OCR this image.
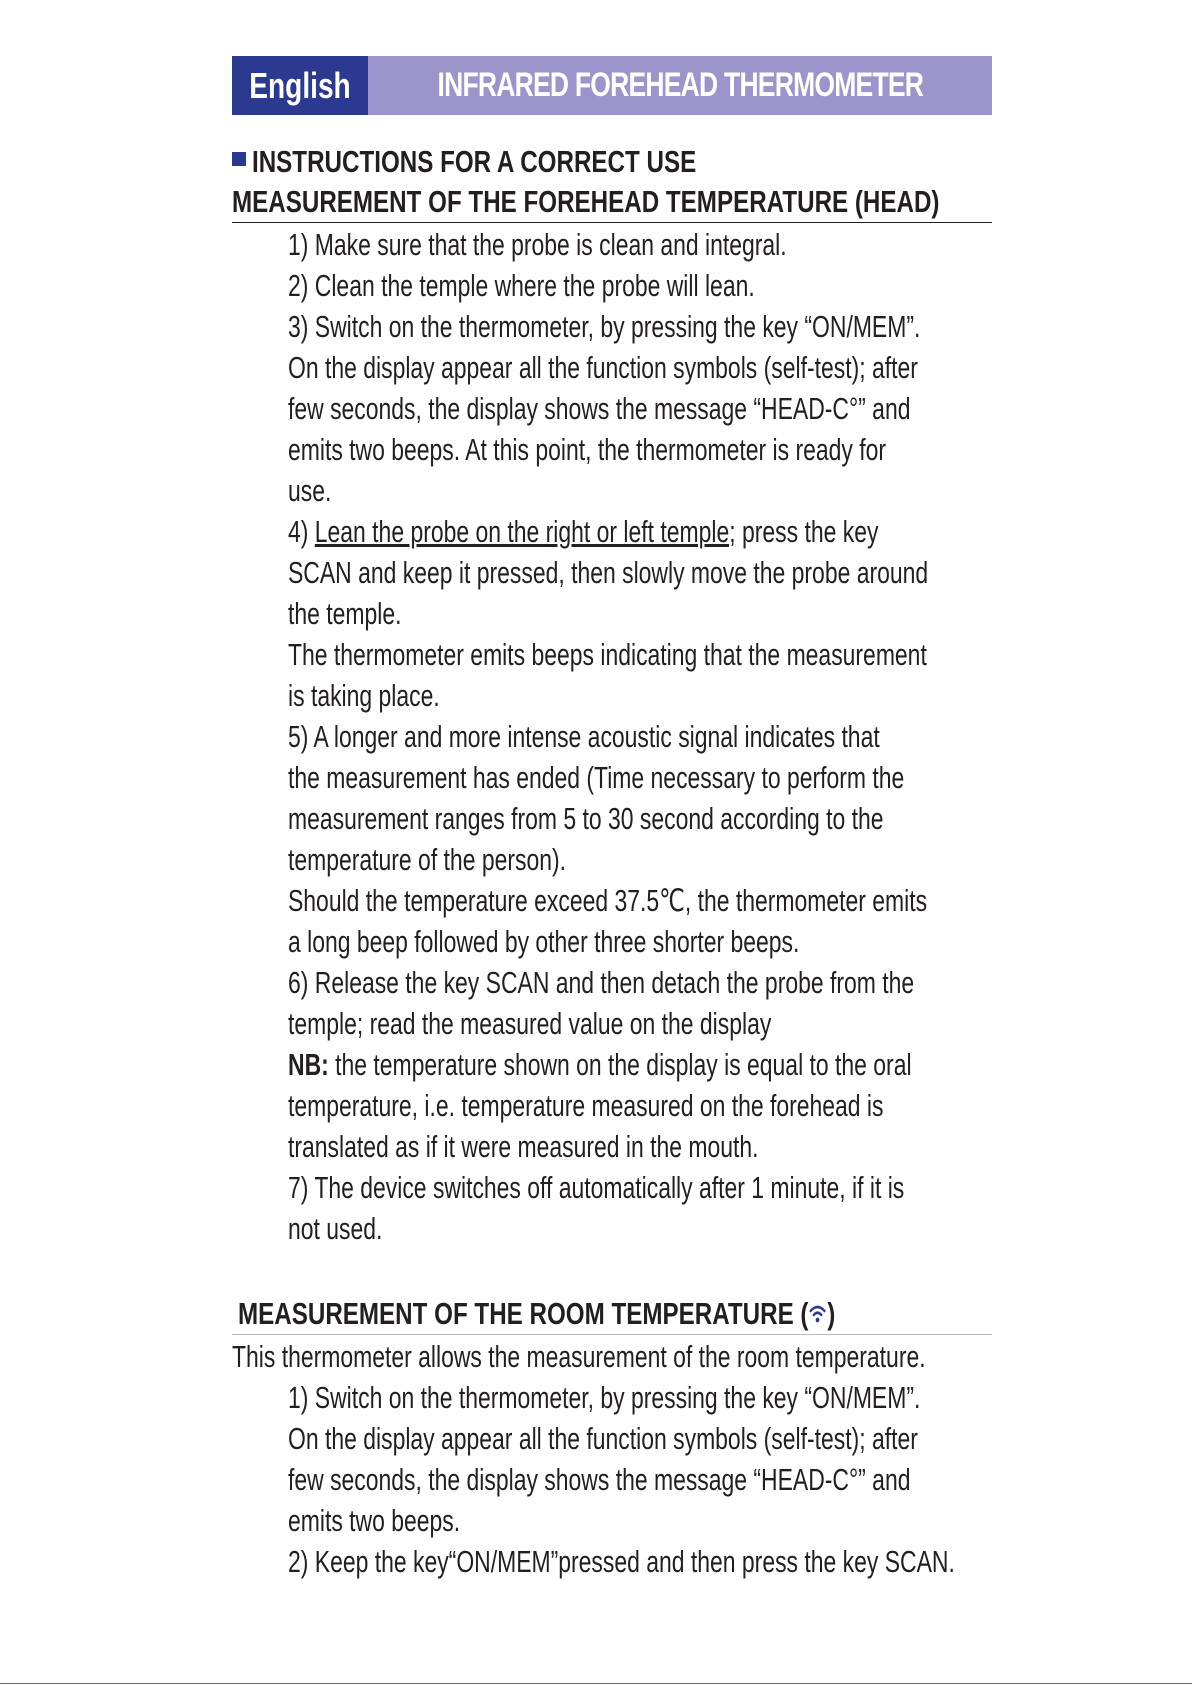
English	INFRARED FOREHEAD THERMOMETER
INSTRUCTIONS FOR A CORRECT USE
MEASUREMENT OF THE FOREHEAD TEMPERATURE (HEAD)
1) Make sure that the probe is clean and integral.
2) Clean the temple where the probe will lean.
3) Switch on the thermometer, by pressing the key “ON/MEM”.
On the display appear all the function symbols (self-test); after
few seconds, the display shows the message “HEAD-C°” and
emits two beeps. At this point, the thermometer is ready for
use.
4) Lean the probe on the right or left temple; press the key
SCAN and keep it pressed, then slowly move the probe around
the temple.
The thermometer emits beeps indicating that the measurement
is taking place.
5) A longer and more intense acoustic signal indicates that
the measurement has ended (Time necessary to perform the
measurement ranges from 5 to 30 second according to the
temperature of the person).
Should the temperature exceed 37.5℃, the thermometer emits
a long beep followed by other three shorter beeps.
6) Release the key SCAN and then detach the probe from the
temple; read the measured value on the display
NB: the temperature shown on the display is equal to the oral
temperature, i.e. temperature measured on the forehead is
translated as if it were measured in the mouth.
7) The device switches off automatically after 1 minute, if it is
not used.
MEASUREMENT OF THE ROOM TEMPERATURE ( )
This thermometer allows the measurement of the room temperature.
1) Switch on the thermometer, by pressing the key “ON/MEM”.
On the display appear all the function symbols (self-test); after
few seconds, the display shows the message “HEAD-C°” and
emits two beeps.
2) Keep the key“ON/MEM”pressed and then press the key SCAN.
